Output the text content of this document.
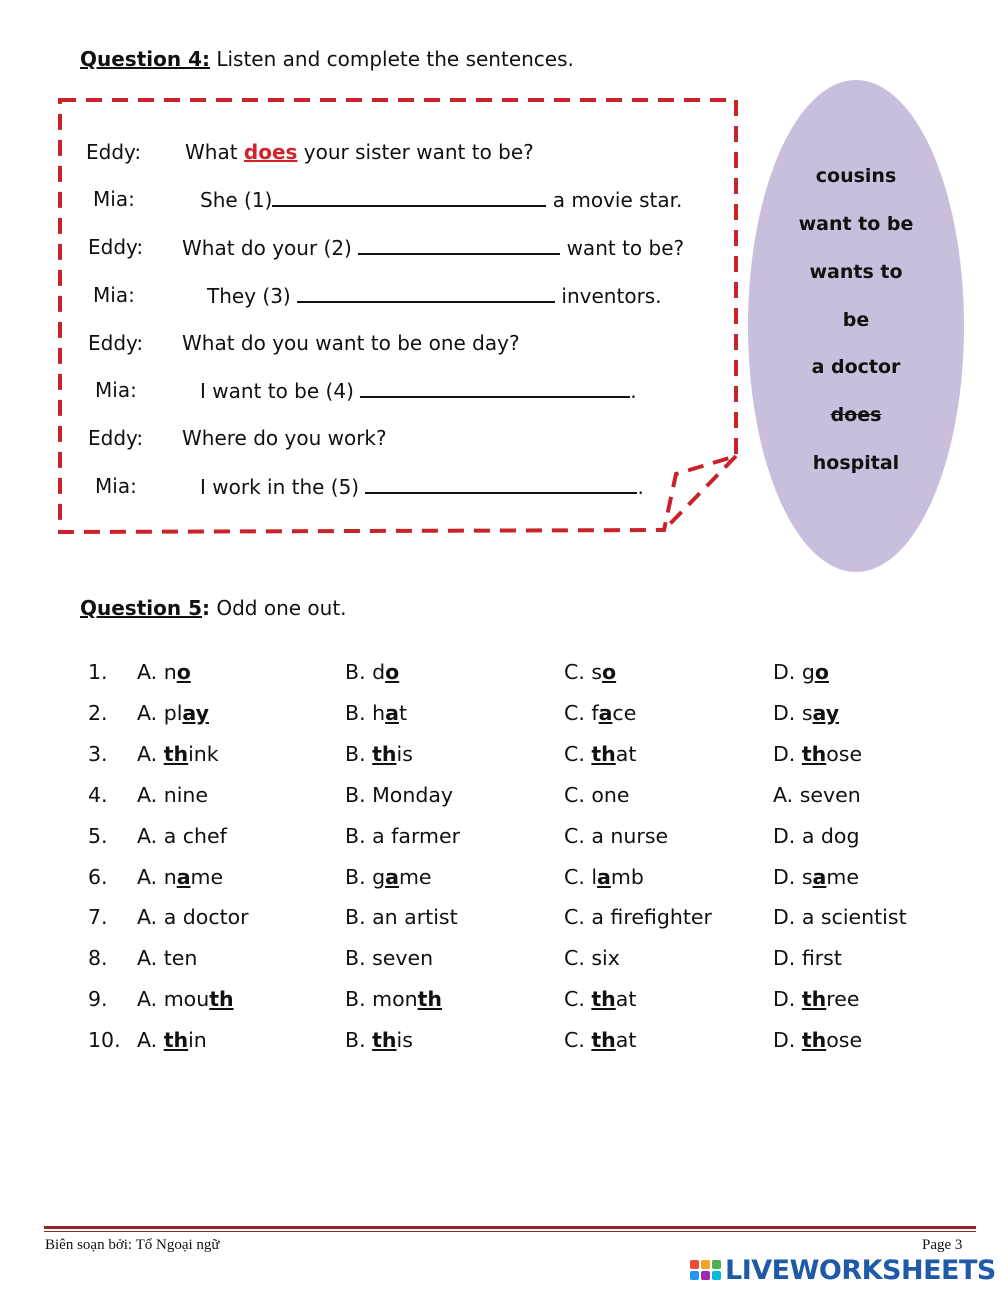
Question 4: Listen and complete the sentences.
Eddy: What does your sister want to be?
Mia:	She (1)	a movie star.
Eddy: What do your (2)	want to be?
Mia:	They (3)	inventors.
Eddy: What do you want to be one day?
Mia:	I want to be (4)	.
Eddy: Where do you work?
Mia:	I work in the (5)	.
cousins
want to be
wants to
be
a doctor
does
hospital
Question 5: Odd one out.
1. A. no	B. do	C. so	D. go
2. A. play	B. hat	C. face	D. say
3. A. think	B. this	C. that	D. those
4. A. nine	B. Monday	C. one	A. seven
5. A. a chef	B. a farmer	C. a nurse	D. a dog
6. A. name	B. game	C. lamb	D. same
7. A. a doctor	B. an artist	C. a firefighter	D. a scientist
8. A. ten	B. seven	C. six	D. first
9. A. mouth	B. month	C. that	D. three
10. A. thin	B. this	C. that	D. those
Biên soạn bởi: Tổ Ngoại ngữ	Page 3
LIVEWORKSHEETS
